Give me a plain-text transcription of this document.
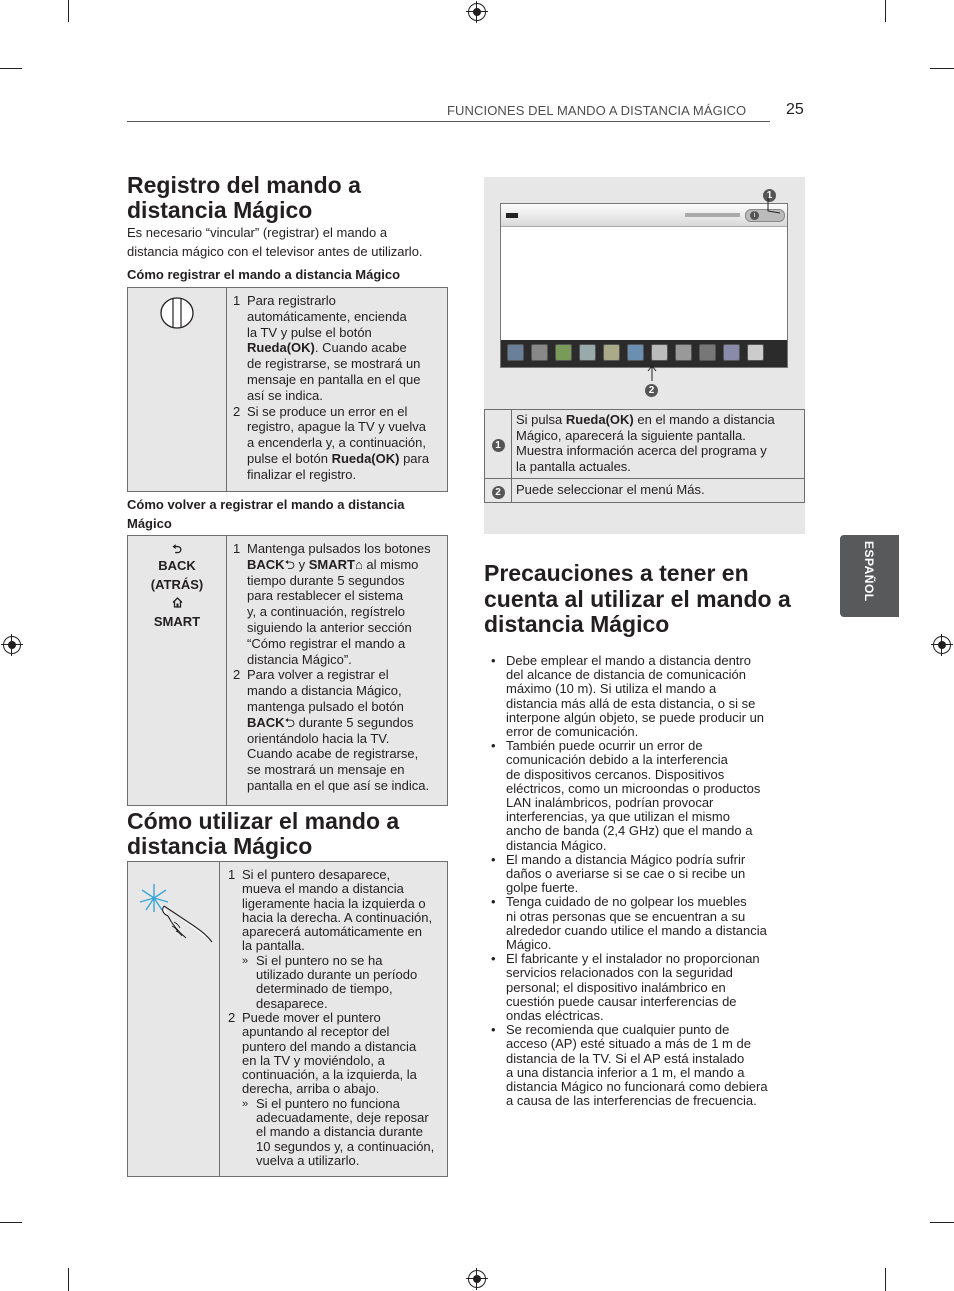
FUNCIONES DEL MANDO A DISTANCIA MÁGICO 25
ESPAÑOL
Registro del mando a
distancia Mágico
Es necesario “vincular” (registrar) el mando a
distancia mágico con el televisor antes de utilizarlo.
Cómo registrar el mando a distancia Mágico

1 Para registrarlo
automáticamente, encienda
la TV y pulse el botón
Rueda(OK). Cuando acabe
de registrarse, se mostrará un
mensaje en pantalla en el que
así se indica.
2 Si se produce un error en el
registro, apague la TV y vuelva
a encenderla y, a continuación,
pulse el botón Rueda(OK) para
finalizar el registro.
Cómo volver a registrar el mando a distancia
Mágico
⮌
BACK
(ATRÁS)
SMART

1 Mantenga pulsados los botones
BACK⮌ y SMART⌂ al mismo
tiempo durante 5 segundos
para restablecer el sistema
y, a continuación, regístrelo
siguiendo la anterior sección
“Cómo registrar el mando a
distancia Mágico”.
2 Para volver a registrar el
mando a distancia Mágico,
mantenga pulsado el botón
BACK⮌ durante 5 segundos
orientándolo hacia la TV.
Cuando acabe de registrarse,
se mostrará un mensaje en
pantalla en el que así se indica.
Cómo utilizar el mando a
distancia Mágico

1 Si el puntero desaparece,
mueva el mando a distancia
ligeramente hacia la izquierda o
hacia la derecha. A continuación,
aparecerá automáticamente en
la pantalla.
» Si el puntero no se ha
utilizado durante un período
determinado de tiempo,
desaparece.
2 Puede mover el puntero
apuntando al receptor del
puntero del mando a distancia
en la TV y moviéndolo, a
continuación, a la izquierda, la
derecha, arriba o abajo.
» Si el puntero no funciona
adecuadamente, deje reposar
el mando a distancia durante
10 segundos y, a continuación,
vuelva a utilizarlo.
i
1
2
1	Si pulsa Rueda(OK) en el mando a distancia
Mágico, aparecerá la siguiente pantalla.
Muestra información acerca del programa y
la pantalla actuales.
2	Puede seleccionar el menú Más.
Precauciones a tener en
cuenta al utilizar el mando a
distancia Mágico
• Debe emplear el mando a distancia dentro
del alcance de distancia de comunicación
máximo (10 m). Si utiliza el mando a
distancia más allá de esta distancia, o si se
interpone algún objeto, se puede producir un
error de comunicación.
• También puede ocurrir un error de
comunicación debido a la interferencia
de dispositivos cercanos. Dispositivos
eléctricos, como un microondas o productos
LAN inalámbricos, podrían provocar
interferencias, ya que utilizan el mismo
ancho de banda (2,4 GHz) que el mando a
distancia Mágico.
• El mando a distancia Mágico podría sufrir
daños o averiarse si se cae o si recibe un
golpe fuerte.
• Tenga cuidado de no golpear los muebles
ni otras personas que se encuentran a su
alrededor cuando utilice el mando a distancia
Mágico.
• El fabricante y el instalador no proporcionan
servicios relacionados con la seguridad
personal; el dispositivo inalámbrico en
cuestión puede causar interferencias de
ondas eléctricas.
• Se recomienda que cualquier punto de
acceso (AP) esté situado a más de 1 m de
distancia de la TV. Si el AP está instalado
a una distancia inferior a 1 m, el mando a
distancia Mágico no funcionará como debiera
a causa de las interferencias de frecuencia.
